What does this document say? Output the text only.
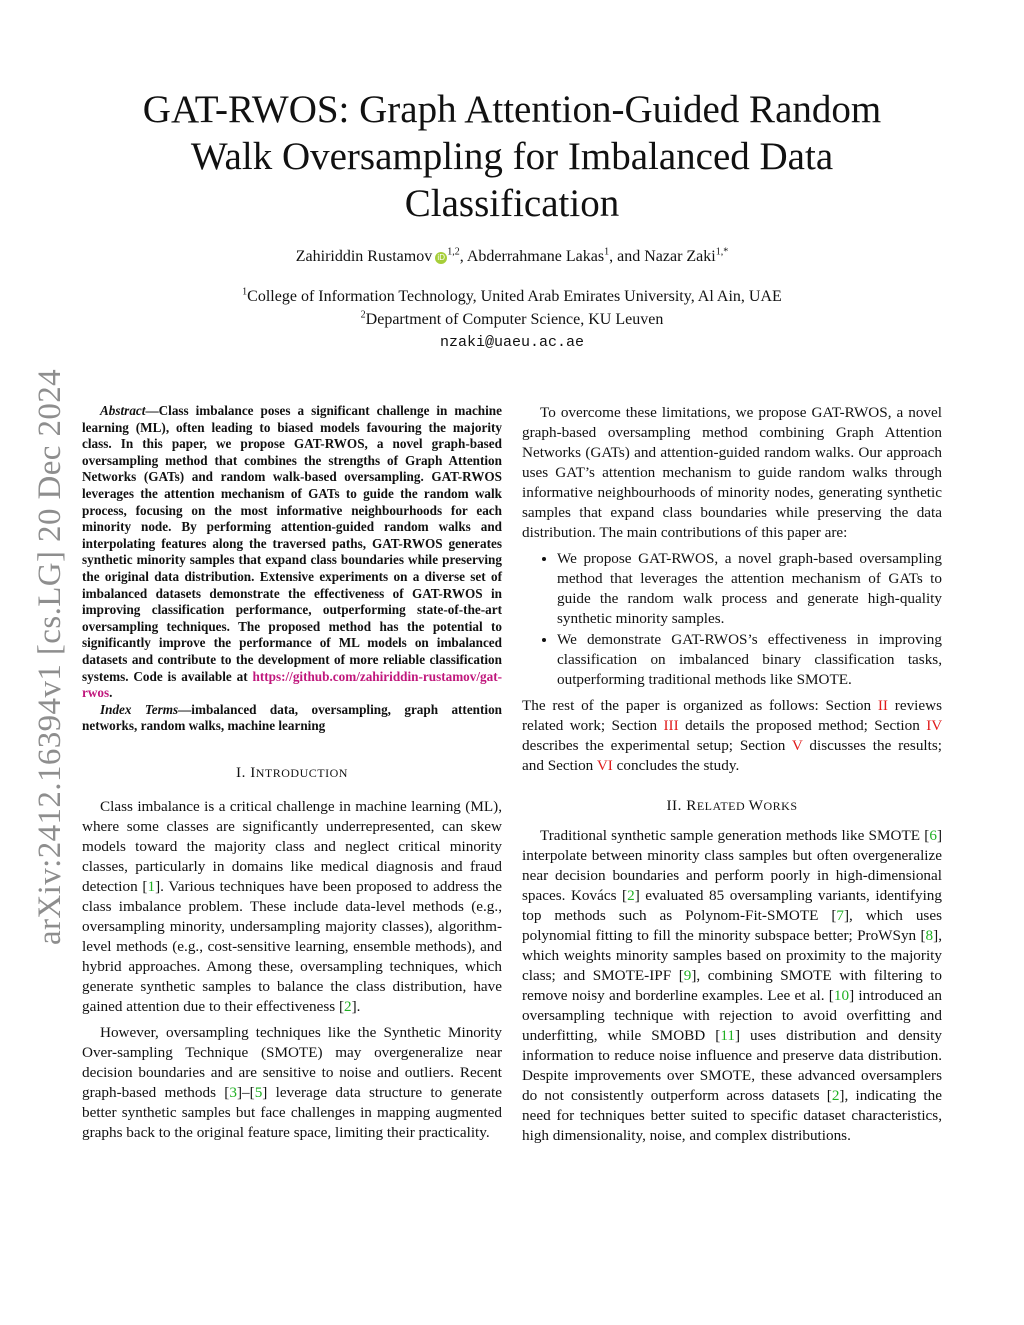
arXiv:2412.16394v1 [cs.LG] 20 Dec 2024
GAT-RWOS: Graph Attention-Guided Random Walk Oversampling for Imbalanced Data Classification
Zahiriddin Rustamov iD $^{1,2}$, Abderrahmane Lakas$^1$, and Nazar Zaki$^{1,*}$
$^1$College of Information Technology, United Arab Emirates University, Al Ain, UAE
$^2$Department of Computer Science, KU Leuven
nzaki@uaeu.ac.ae

Abstract—Class imbalance poses a significant challenge in machine learning (ML), often leading to biased models favouring the majority class. In this paper, we propose GAT-RWOS, a novel graph-based oversampling method that combines the strengths of Graph Attention Networks (GATs) and random walk-based oversampling. GAT-RWOS leverages the attention mechanism of GATs to guide the random walk process, focusing on the most informative neighbourhoods for each minority node. By performing attention-guided random walks and interpolating features along the traversed paths, GAT-RWOS generates synthetic minority samples that expand class boundaries while preserving the original data distribution. Extensive experiments on a diverse set of imbalanced datasets demonstrate the effectiveness of GAT-RWOS in improving classification performance, outperforming state-of-the-art oversampling techniques. The proposed method has the potential to significantly improve the performance of ML models on imbalanced datasets and contribute to the development of more reliable classification systems. Code is available at https://github.com/zahiriddin-rustamov/gat-rwos.

Index Terms—imbalanced data, oversampling, graph attention networks, random walks, machine learning

I. INTRODUCTION

Class imbalance is a critical challenge in machine learning (ML), where some classes are significantly underrepresented, can skew models toward the majority class and neglect critical minority classes, particularly in domains like medical diagnosis and fraud detection [1]. Various techniques have been proposed to address the class imbalance problem. These include data-level methods (e.g., oversampling minority, undersampling majority classes), algorithm-level methods (e.g., cost-sensitive learning, ensemble methods), and hybrid approaches. Among these, oversampling techniques, which generate synthetic samples to balance the class distribution, have gained attention due to their effectiveness [2].

However, oversampling techniques like the Synthetic Minority Over-sampling Technique (SMOTE) may overgeneralize near decision boundaries and are sensitive to noise and outliers. Recent graph-based methods [3]–[5] leverage data structure to generate better synthetic samples but face challenges in mapping augmented graphs back to the original feature space, limiting their practicality.

To overcome these limitations, we propose GAT-RWOS, a novel graph-based oversampling method combining Graph Attention Networks (GATs) and attention-guided random walks. Our approach uses GAT’s attention mechanism to guide random walks through informative neighbourhoods of minority nodes, generating synthetic samples that expand class boundaries while preserving the data distribution. The main contributions of this paper are:

• We propose GAT-RWOS, a novel graph-based oversampling method that leverages the attention mechanism of GATs to guide the random walk process and generate high-quality synthetic minority samples.
• We demonstrate GAT-RWOS’s effectiveness in improving classification on imbalanced binary classification tasks, outperforming traditional methods like SMOTE.

The rest of the paper is organized as follows: Section II reviews related work; Section III details the proposed method; Section IV describes the experimental setup; Section V discusses the results; and Section VI concludes the study.

II. RELATED WORKS

Traditional synthetic sample generation methods like SMOTE [6] interpolate between minority class samples but often overgeneralize near decision boundaries and perform poorly in high-dimensional spaces. Kovács [2] evaluated 85 oversampling variants, identifying top methods such as Polynom-Fit-SMOTE [7], which uses polynomial fitting to fill the minority subspace better; ProWSyn [8], which weights minority samples based on proximity to the majority class; and SMOTE-IPF [9], combining SMOTE with filtering to remove noisy and borderline examples. Lee et al. [10] introduced an oversampling technique with rejection to avoid overfitting and underfitting, while SMOBD [11] uses distribution and density information to reduce noise influence and preserve data distribution. Despite improvements over SMOTE, these advanced oversamplers do not consistently outperform across datasets [2], indicating the need for techniques better suited to specific dataset characteristics, high dimensionality, noise, and complex distributions.
